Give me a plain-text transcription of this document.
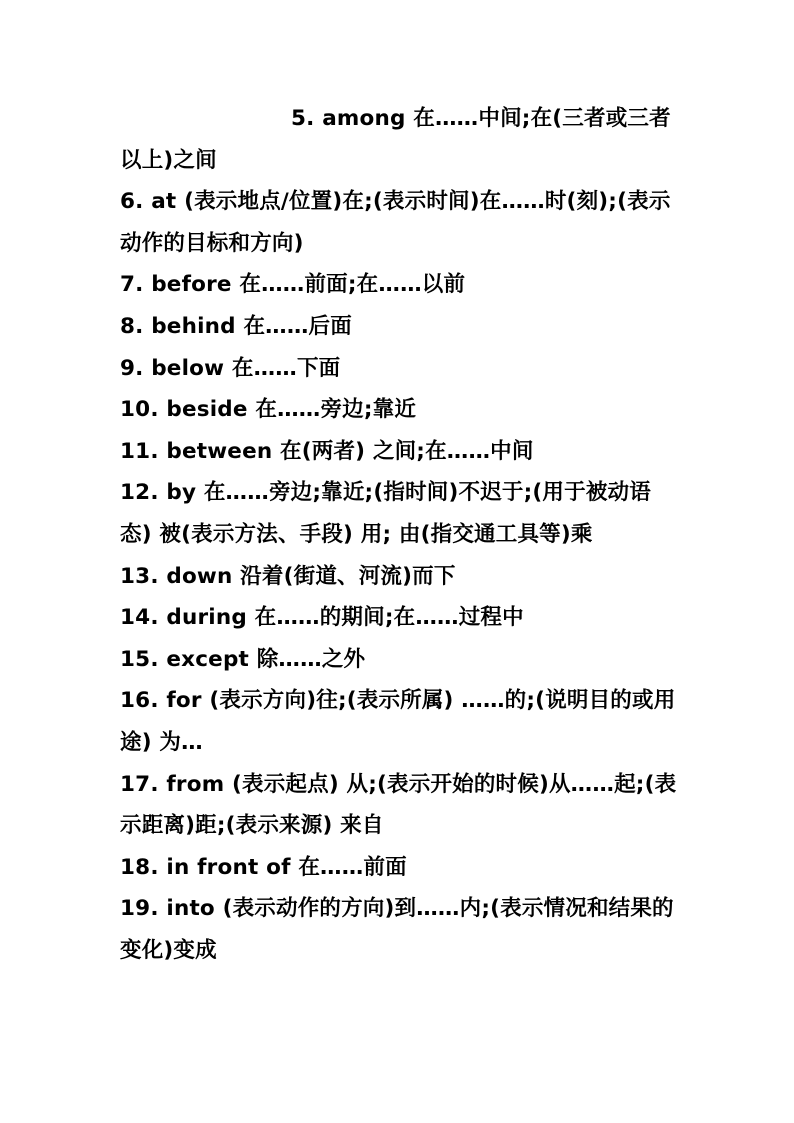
5. among 在……中间;在(三者或三者以上)之间

6. at (表示地点/位置)在;(表示时间)在……时(刻);(表示动作的目标和方向)

7. before 在……前面;在……以前

8. behind 在……后面

9. below 在……下面

10. beside 在……旁边;靠近

11. between 在(两者) 之间;在……中间

12. by 在……旁边;靠近;(指时间)不迟于;(用于被动语态) 被(表示方法、手段) 用; 由(指交通工具等)乘

13. down 沿着(街道、河流)而下

14. during 在……的期间;在……过程中

15. except 除……之外

16. for (表示方向)往;(表示所属) ……的;(说明目的或用途) 为…

17. from (表示起点) 从;(表示开始的时候)从……起;(表示距离)距;(表示来源) 来自

18. in front of 在……前面

19. into (表示动作的方向)到……内;(表示情况和结果的变化)变成
